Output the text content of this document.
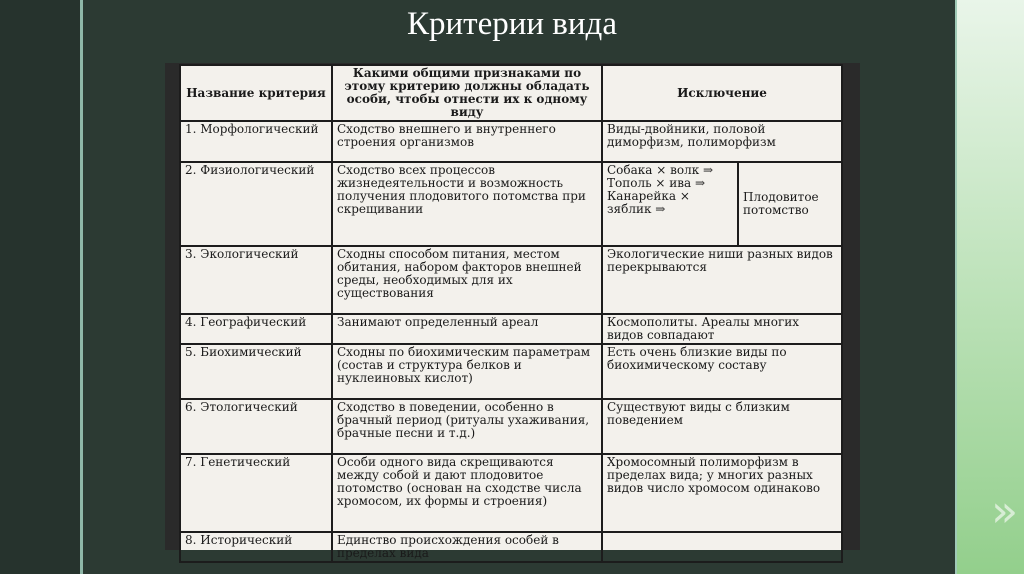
»
Критерии вида
Название критерия	Какими общими признаками по этому критерию должны обладать особи, чтобы отнести их к одному виду	Исключение	
1. Морфологический	Сходство внешнего и внутреннего строения организмов	Виды-двойники, половой диморфизм, полиморфизм	
2. Физиологический	Сходство всех процессов жизнедеятельности и возможность получения плодовитого потомства при скрещивании	Собака × волк ⇒ Тополь × ива ⇒ Канарейка × зяблик ⇒	Плодовитое потомство
3. Экологический	Сходны способом питания, местом обитания, набором факторов внешней среды, необходимых для их существования	Экологические ниши разных видов перекрываются	
4. Географический	Занимают определенный ареал	Космополиты. Ареалы многих видов совпадают	
5. Биохимический	Сходны по биохимическим параметрам (состав и структура белков и нуклеиновых кислот)	Есть очень близкие виды по биохимическому составу	
6. Этологический	Сходство в поведении, особенно в брачный период (ритуалы ухаживания, брачные песни и т.д.)	Существуют виды с близким поведением	
7. Генетический	Особи одного вида скрещиваются между собой и дают плодовитое потомство (основан на сходстве числа хромосом, их формы и строения)	Хромосомный полиморфизм в пределах вида; у многих разных видов число хромосом одинаково	
8. Исторический	Единство происхождения особей в пределах вида		
